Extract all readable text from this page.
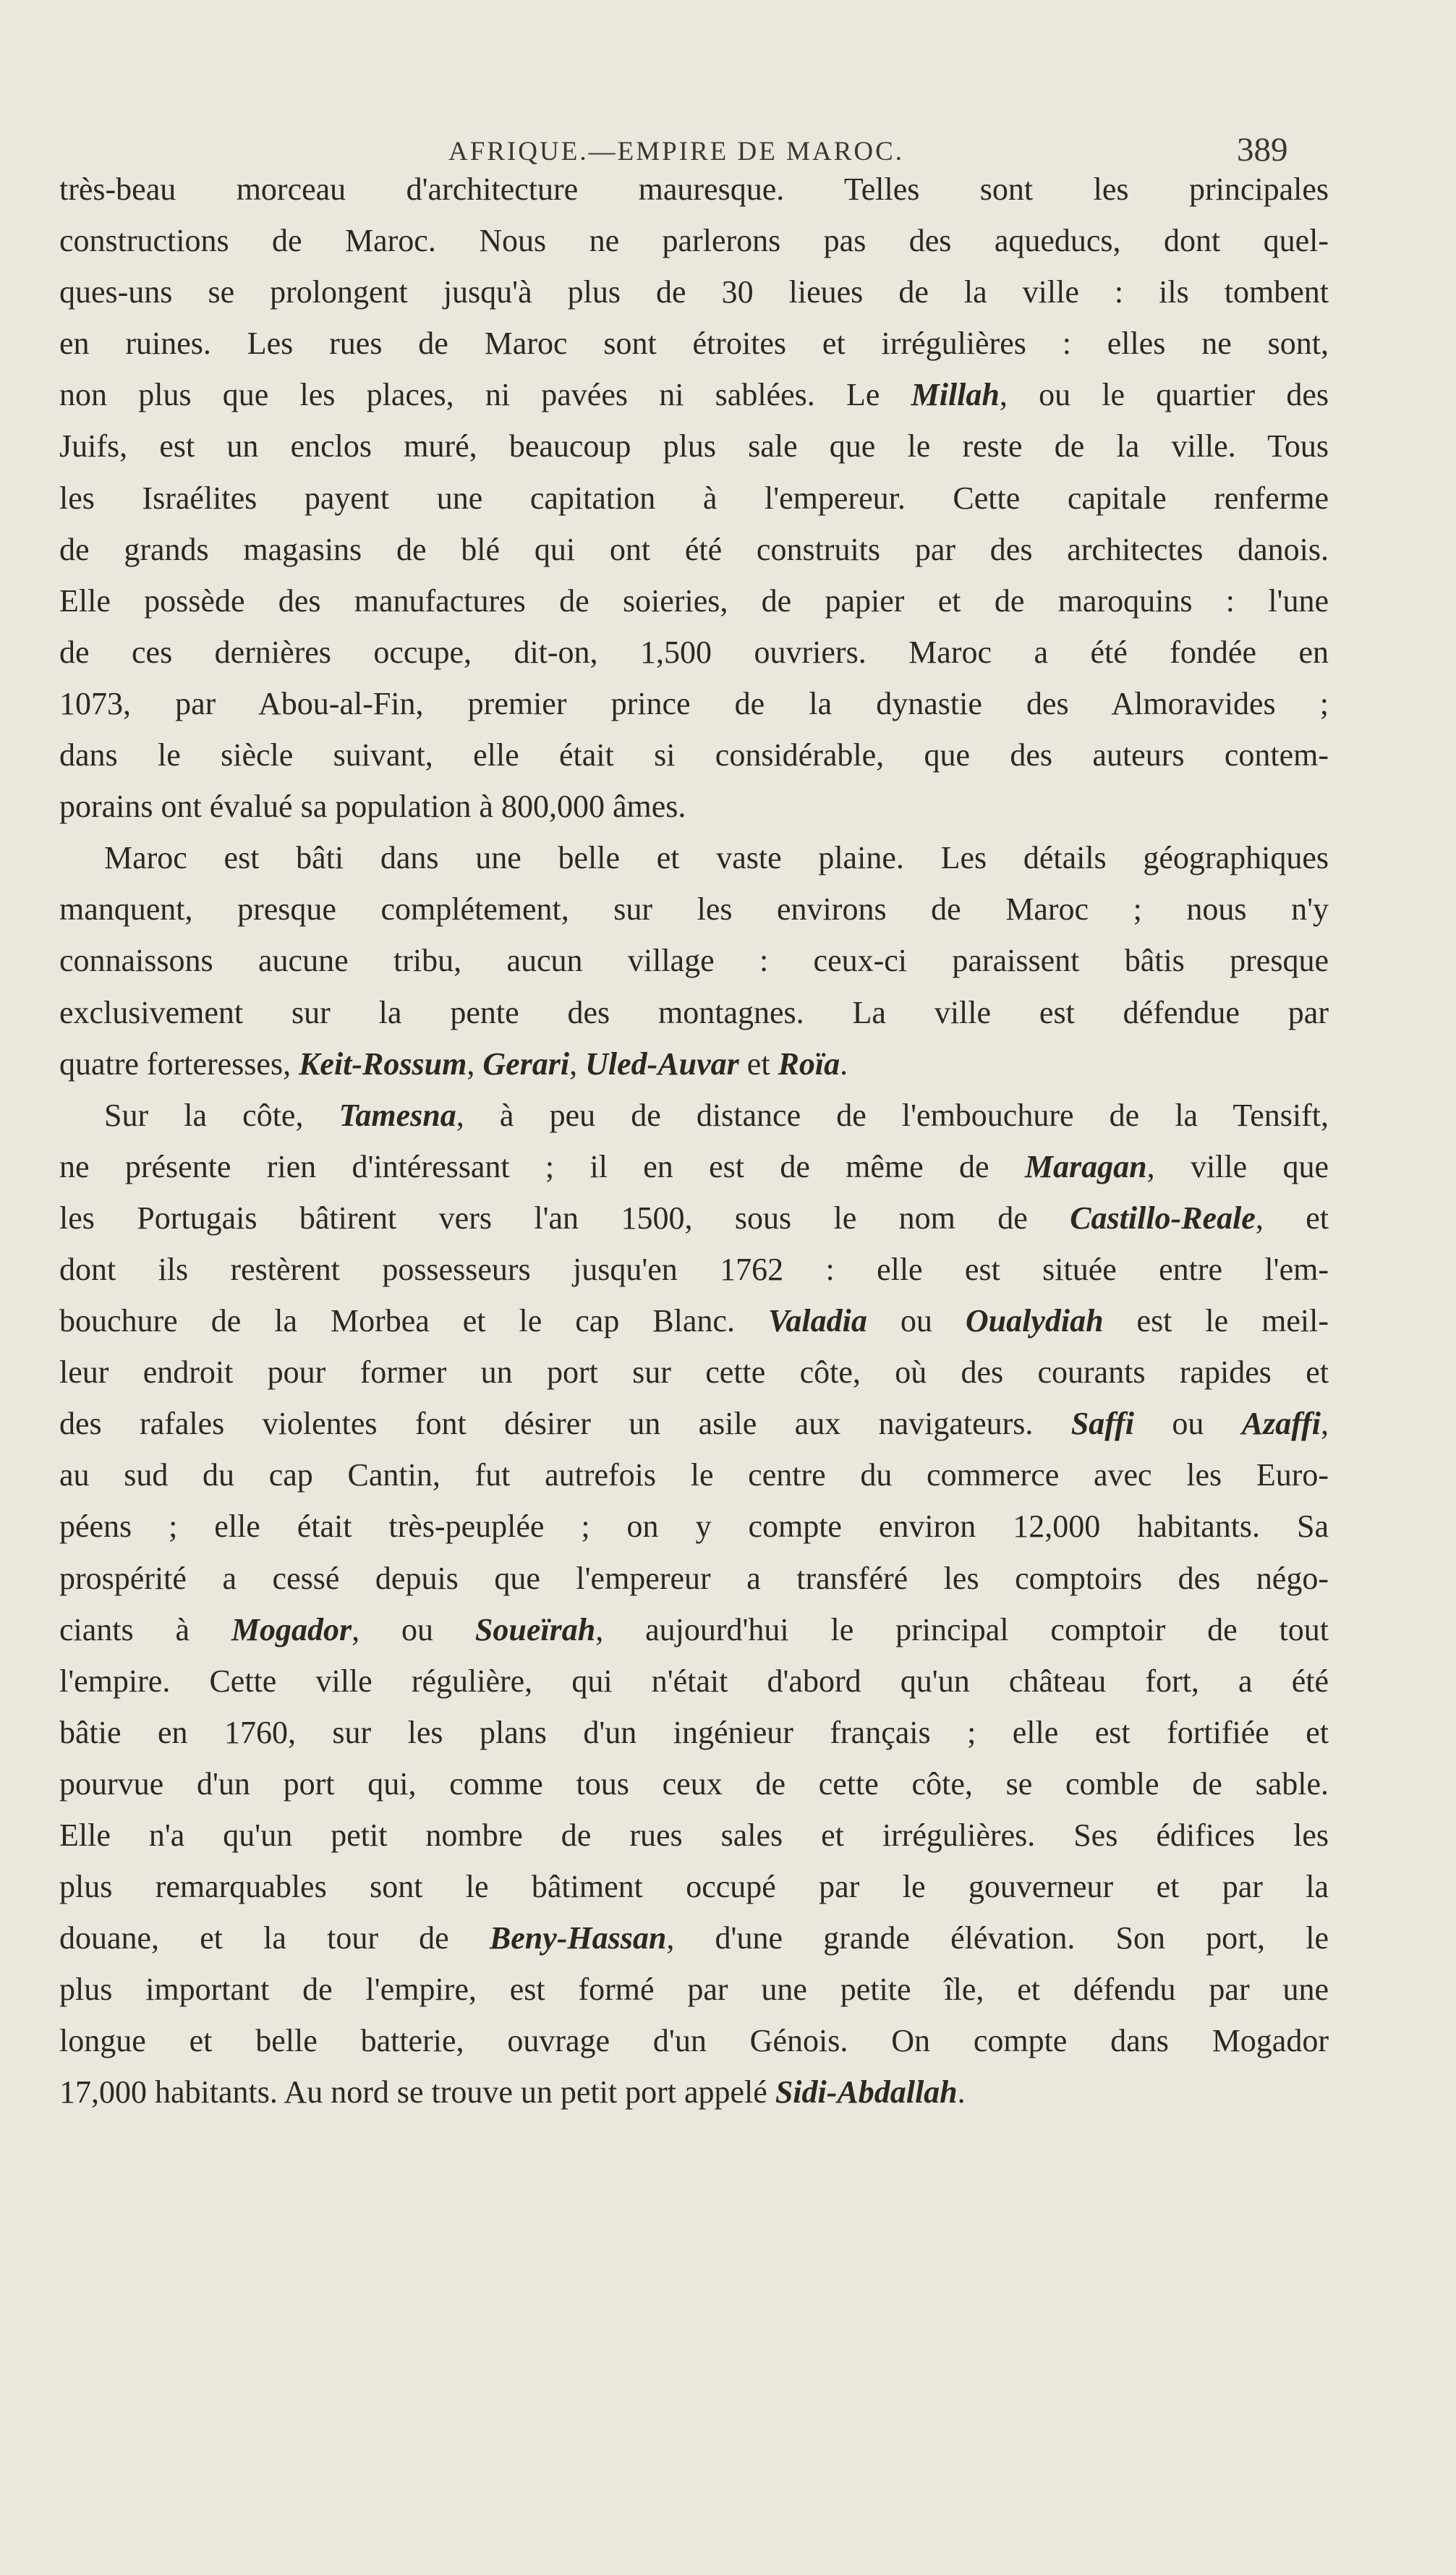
AFRIQUE.—EMPIRE DE MAROC.	389
très-beau morceau d'architecture mauresque. Telles sont les principales
constructions de Maroc. Nous ne parlerons pas des aqueducs, dont quel-
ques-uns se prolongent jusqu'à plus de 30 lieues de la ville : ils tombent
en ruines. Les rues de Maroc sont étroites et irrégulières : elles ne sont,
non plus que les places, ni pavées ni sablées. Le Millah, ou le quartier des
Juifs, est un enclos muré, beaucoup plus sale que le reste de la ville. Tous
les Israélites payent une capitation à l'empereur. Cette capitale renferme
de grands magasins de blé qui ont été construits par des architectes danois.
Elle possède des manufactures de soieries, de papier et de maroquins : l'une
de ces dernières occupe, dit-on, 1,500 ouvriers. Maroc a été fondée en
1073, par Abou-al-Fin, premier prince de la dynastie des Almoravides ;
dans le siècle suivant, elle était si considérable, que des auteurs contem-
porains ont évalué sa population à 800,000 âmes.
Maroc est bâti dans une belle et vaste plaine. Les détails géographiques
manquent, presque complétement, sur les environs de Maroc ; nous n'y
connaissons aucune tribu, aucun village : ceux-ci paraissent bâtis presque
exclusivement sur la pente des montagnes. La ville est défendue par
quatre forteresses, Keit-Rossum, Gerari, Uled-Auvar et Roïa.
Sur la côte, Tamesna, à peu de distance de l'embouchure de la Tensift,
ne présente rien d'intéressant ; il en est de même de Maragan, ville que
les Portugais bâtirent vers l'an 1500, sous le nom de Castillo-Reale, et
dont ils restèrent possesseurs jusqu'en 1762 : elle est située entre l'em-
bouchure de la Morbea et le cap Blanc. Valadia ou Oualydiah est le meil-
leur endroit pour former un port sur cette côte, où des courants rapides et
des rafales violentes font désirer un asile aux navigateurs. Saffi ou Azaffi,
au sud du cap Cantin, fut autrefois le centre du commerce avec les Euro-
péens ; elle était très-peuplée ; on y compte environ 12,000 habitants. Sa
prospérité a cessé depuis que l'empereur a transféré les comptoirs des négo-
ciants à Mogador, ou Soueïrah, aujourd'hui le principal comptoir de tout
l'empire. Cette ville régulière, qui n'était d'abord qu'un château fort, a été
bâtie en 1760, sur les plans d'un ingénieur français ; elle est fortifiée et
pourvue d'un port qui, comme tous ceux de cette côte, se comble de sable.
Elle n'a qu'un petit nombre de rues sales et irrégulières. Ses édifices les
plus remarquables sont le bâtiment occupé par le gouverneur et par la
douane, et la tour de Beny-Hassan, d'une grande élévation. Son port, le
plus important de l'empire, est formé par une petite île, et défendu par une
longue et belle batterie, ouvrage d'un Génois. On compte dans Mogador
17,000 habitants. Au nord se trouve un petit port appelé Sidi-Abdallah.
